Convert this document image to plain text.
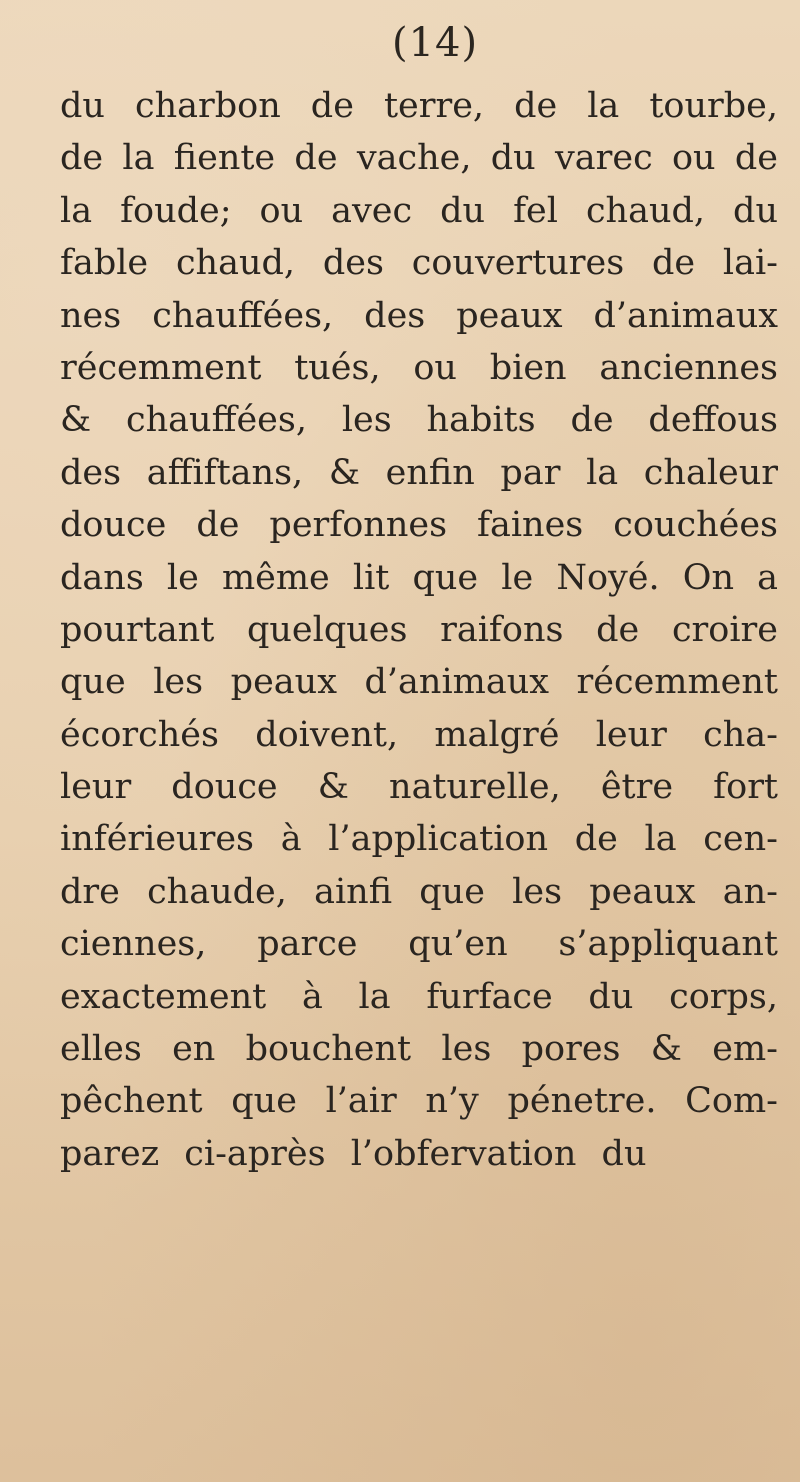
(14)
du charbon de terre, de la tourbe,
de la fiente de vache, du varec ou de
la foude; ou avec du fel chaud, du
fable chaud, des couvertures de lai-
nes chauffées, des peaux d’animaux
récemment tués, ou bien anciennes
& chauffées, les habits de deffous
des affiftans, & enfin par la chaleur
douce de perfonnes faines couchées
dans le même lit que le Noyé. On a
pourtant quelques raifons de croire
que les peaux d’animaux récemment
écorchés doivent, malgré leur cha-
leur douce & naturelle, être fort
inférieures à l’application de la cen-
dre chaude, ainfi que les peaux an-
ciennes, parce qu’en s’appliquant
exactement à la furface du corps,
elles en bouchent les pores & em-
pêchent que l’air n’y pénetre. Com-
parez ci-après l’obfervation du
